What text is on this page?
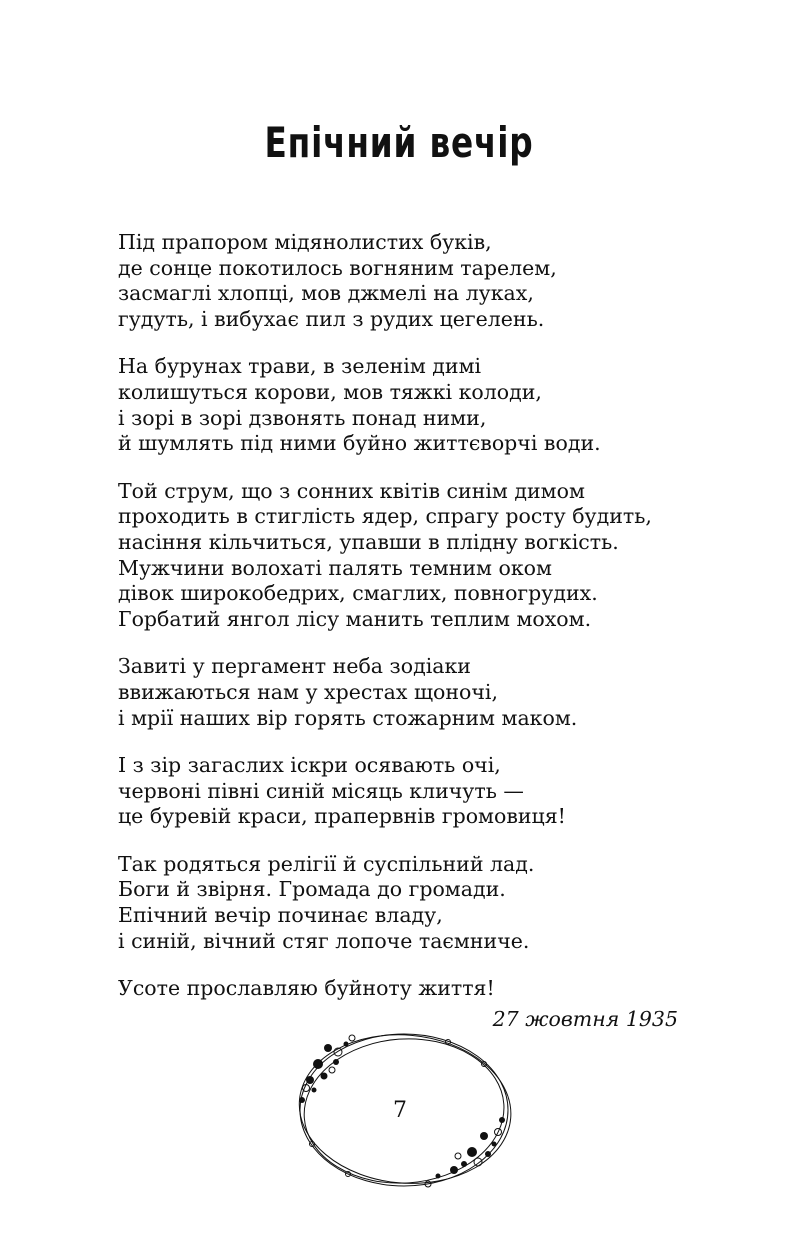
Епічний вечір
Під прапором мідянолистих буків,
де сонце покотилось вогняним тарелем,
засмаглі хлопці, мов джмелі на луках,
гудуть, і вибухає пил з рудих цегелень.
На бурунах трави, в зеленім димі
колишуться корови, мов тяжкі колоди,
і зорі в зорі дзвонять понад ними,
й шумлять під ними буйно життєворчі води.
Той струм, що з сонних квітів синім димом
проходить в стиглість ядер, спрагу росту будить,
насіння кільчиться, упавши в плідну вогкість.
Мужчини волохаті палять темним оком
дівок широкобедрих, смаглих, повногрудих.
Горбатий янгол лісу манить теплим мохом.
Завиті у пергамент неба зодіаки
ввижаються нам у хрестах щоночі,
і мрії наших вір горять стожарним маком.
І з зір загаслих іскри осявають очі,
червоні півні синій місяць кличуть —
це буревій краси, прапервнів громовиця!
Так родяться релігії й суспільний лад.
Боги й звірня. Громада до громади.
Епічний вечір починає владу,
і синій, вічний стяг лопоче таємниче.
Усоте прославляю буйноту життя!
27 жовтня 1935
7
